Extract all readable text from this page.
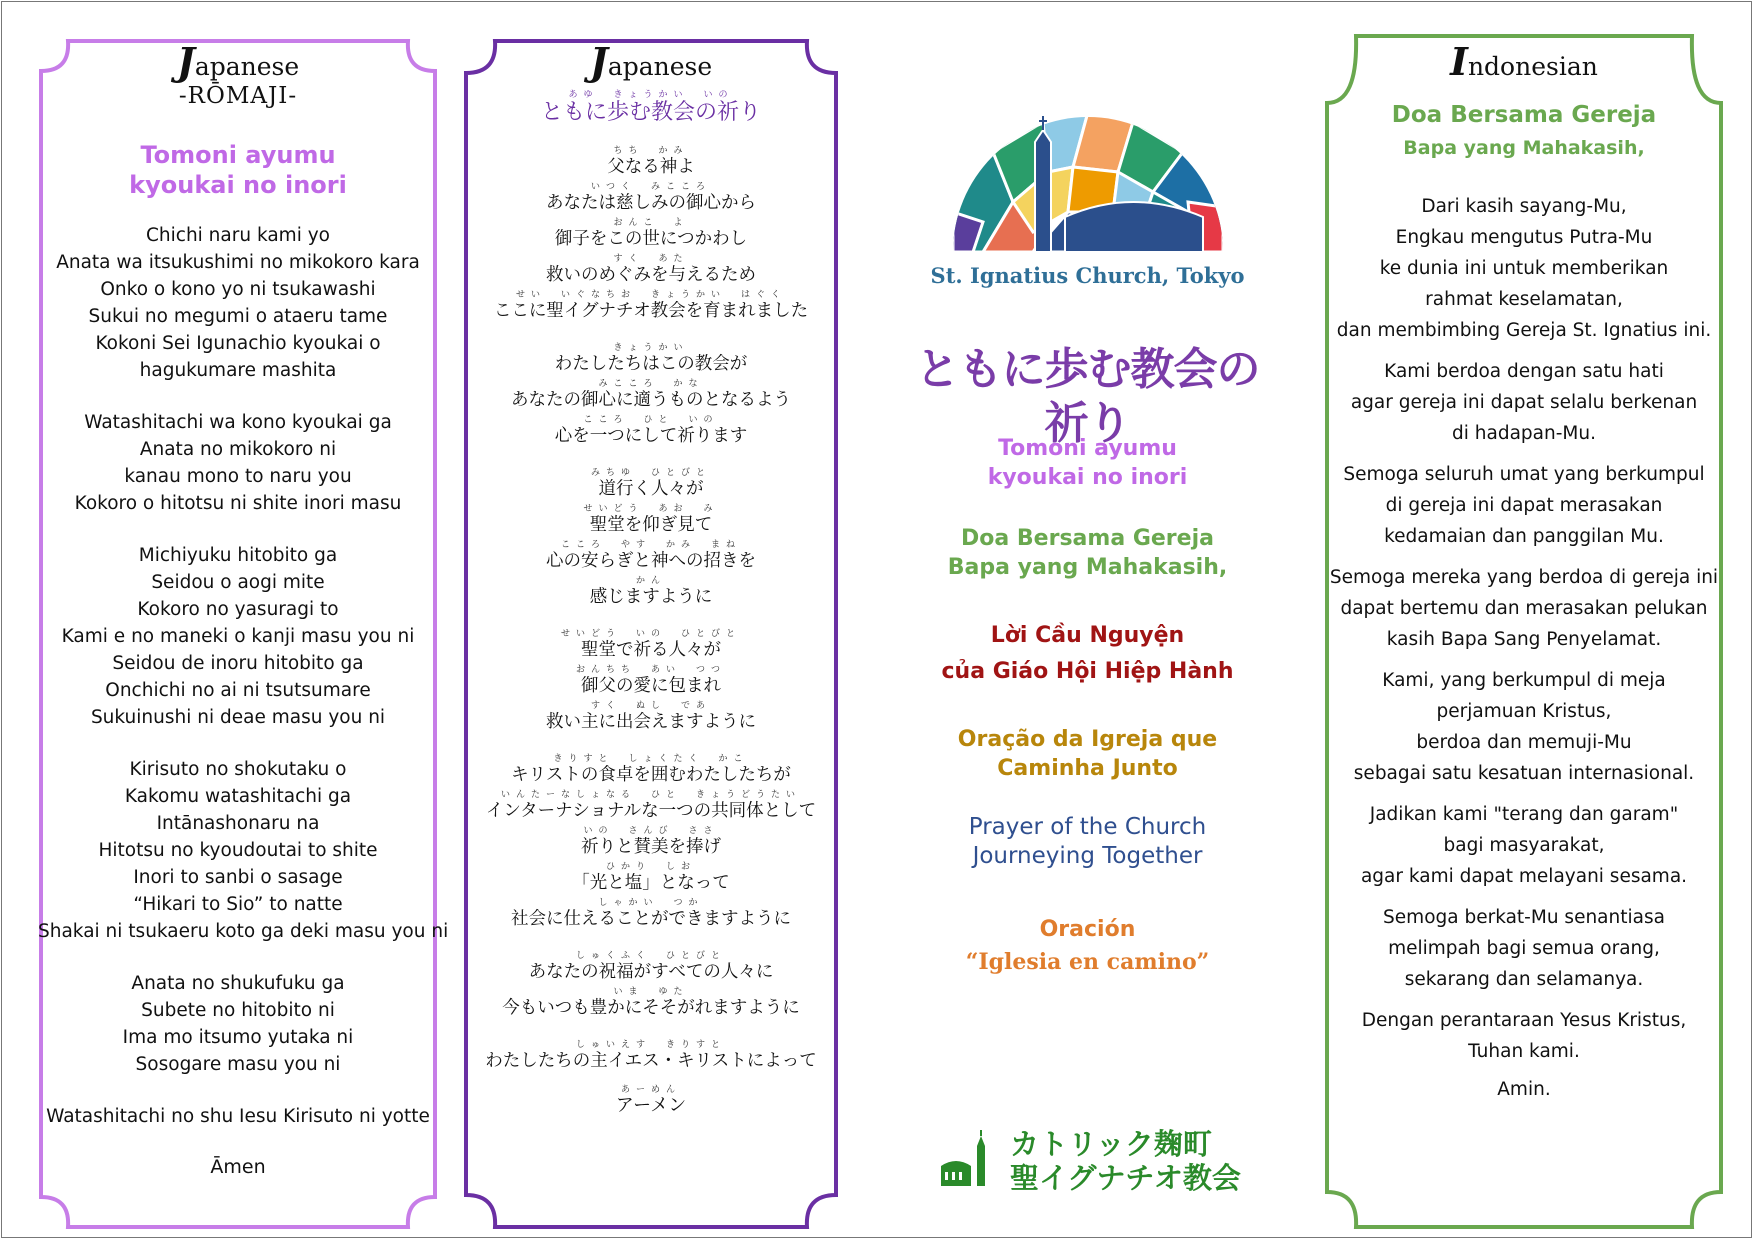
Japanese
-RŌMAJI-
Tomoni ayumu
kyoukai no inori
Chichi naru kami yo
Anata wa itsukushimi no mikokoro kara
Onko o kono yo ni tsukawashi
Sukui no megumi o ataeru tame
Kokoni Sei Igunachio kyoukai o
hagukumare mashita
Watashitachi wa kono kyoukai ga
Anata no mikokoro ni
kanau mono to naru you
Kokoro o hitotsu ni shite inori masu
Michiyuku hitobito ga
Seidou o aogi mite
Kokoro no yasuragi to
Kami e no maneki o kanji masu you ni
Seidou de inoru hitobito ga
Onchichi no ai ni tsutsumare
Sukuinushi ni deae masu you ni
Kirisuto no shokutaku o
Kakomu watashitachi ga
Intānashonaru na
Hitotsu no kyoudoutai to shite
Inori to sanbi o sasage
“Hikari to Sio” to natte
Shakai ni tsukaeru koto ga deki masu you ni
Anata no shukufuku ga
Subete no hitobito ni
Ima mo itsumo yutaka ni
Sosogare masu you ni
Watashitachi no shu Iesu Kirisuto ni yotte
Āmen
Japanese
あゆ　きょうかい　いの
ともに歩む教会の祈り
ちち　かみ
父なる神よ
いつく　みこころ
あなたは慈しみの御心から
おんこ　よ
御子をこの世につかわし
すく　あた
救いのめぐみを与えるため
せい　いぐなちお　きょうかい　はぐく
ここに聖イグナチオ教会を育まれました
きょうかい
わたしたちはこの教会が
みこころ　かな
あなたの御心に適うものとなるよう
こころ　ひと　いの
心を一つにして祈ります
みちゆ　ひとびと
道行く人々が
せいどう　あお　み
聖堂を仰ぎ見て
こころ　やす　かみ　まね
心の安らぎと神への招きを
かん
感じますように
せいどう　いの　ひとびと
聖堂で祈る人々が
おんちち　あい　つつ
御父の愛に包まれ
すく　ぬし　であ
救い主に出会えますように
きりすと　しょくたく　かこ
キリストの食卓を囲むわたしたちが
いんたーなしょなる　ひと　きょうどうたい
インターナショナルな一つの共同体として
いの　さんび　ささ
祈りと賛美を捧げ
ひかり　しお
「光と塩」となって
しゃかい　つか
社会に仕えることができますように
しゅくふく　ひとびと
あなたの祝福がすべての人々に
いま　ゆた
今もいつも豊かにそそがれますように
しゅいえす　きりすと
わたしたちの主イエス・キリストによって
あーめん
アーメン
St. Ignatius Church, Tokyo
ともに歩む教会の祈り
Tomoni ayumu
kyoukai no inori
Doa Bersama Gereja
Bapa yang Mahakasih,
Lời Cầu Nguyện
của Giáo Hội Hiệp Hành
Oração da Igreja que
Caminha Junto
Prayer of the Church
Journeying Together
Oración
“Iglesia en camino”
カトリック麹町
聖イグナチオ教会
Indonesian
Doa Bersama Gereja
Bapa yang Mahakasih,
Dari kasih sayang-Mu,
Engkau mengutus Putra-Mu
ke dunia ini untuk memberikan
rahmat keselamatan,
dan membimbing Gereja St. Ignatius ini.
Kami berdoa dengan satu hati
agar gereja ini dapat selalu berkenan
di hadapan-Mu.
Semoga seluruh umat yang berkumpul
di gereja ini dapat merasakan
kedamaian dan panggilan Mu.
Semoga mereka yang berdoa di gereja ini
dapat bertemu dan merasakan pelukan
kasih Bapa Sang Penyelamat.
Kami, yang berkumpul di meja
perjamuan Kristus,
berdoa dan memuji-Mu
sebagai satu kesatuan internasional.
Jadikan kami "terang dan garam"
bagi masyarakat,
agar kami dapat melayani sesama.
Semoga berkat-Mu senantiasa
melimpah bagi semua orang,
sekarang dan selamanya.
Dengan perantaraan Yesus Kristus,
Tuhan kami.
Amin.
